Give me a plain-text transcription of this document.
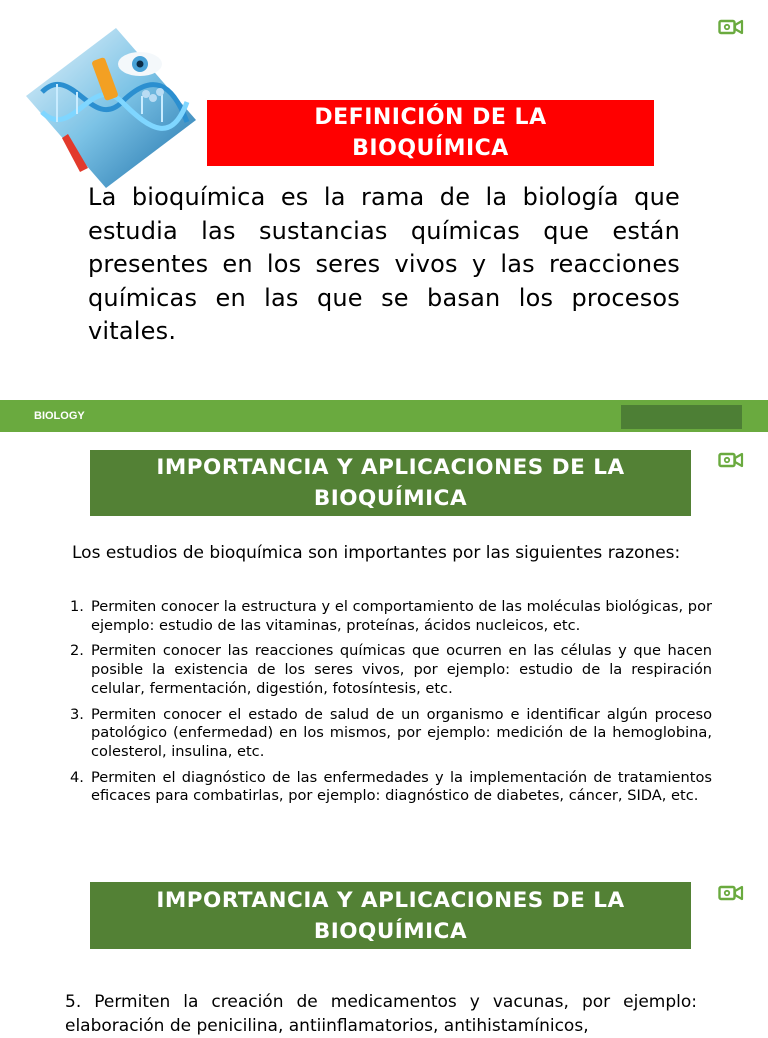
DEFINICIÓN DE LA
BIOQUÍMICA
La bioquímica es la rama de la biología que estudia las sustancias químicas que están presentes en los seres vivos y las reacciones químicas en las que se basan los procesos vitales.
BIOLOGY
IMPORTANCIA Y APLICACIONES DE LA
BIOQUÍMICA
Los estudios de bioquímica son importantes por las siguientes razones:
1. Permiten conocer la estructura y el comportamiento de las moléculas biológicas, por ejemplo: estudio de las vitaminas, proteínas, ácidos nucleicos, etc.
2. Permiten conocer las reacciones químicas que ocurren en las células y que hacen posible la existencia de los seres vivos, por ejemplo: estudio de la respiración celular, fermentación, digestión, fotosíntesis, etc.
3. Permiten conocer el estado de salud de un organismo e identificar algún proceso patológico (enfermedad) en los mismos, por ejemplo: medición de la hemoglobina, colesterol, insulina, etc.
4. Permiten el diagnóstico de las enfermedades y la implementación de tratamientos eficaces para combatirlas, por ejemplo: diagnóstico de diabetes, cáncer, SIDA, etc.
IMPORTANCIA Y APLICACIONES DE LA
BIOQUÍMICA
5. Permiten la creación de medicamentos y vacunas, por ejemplo: elaboración de penicilina, antiinflamatorios, antihistamínicos,
